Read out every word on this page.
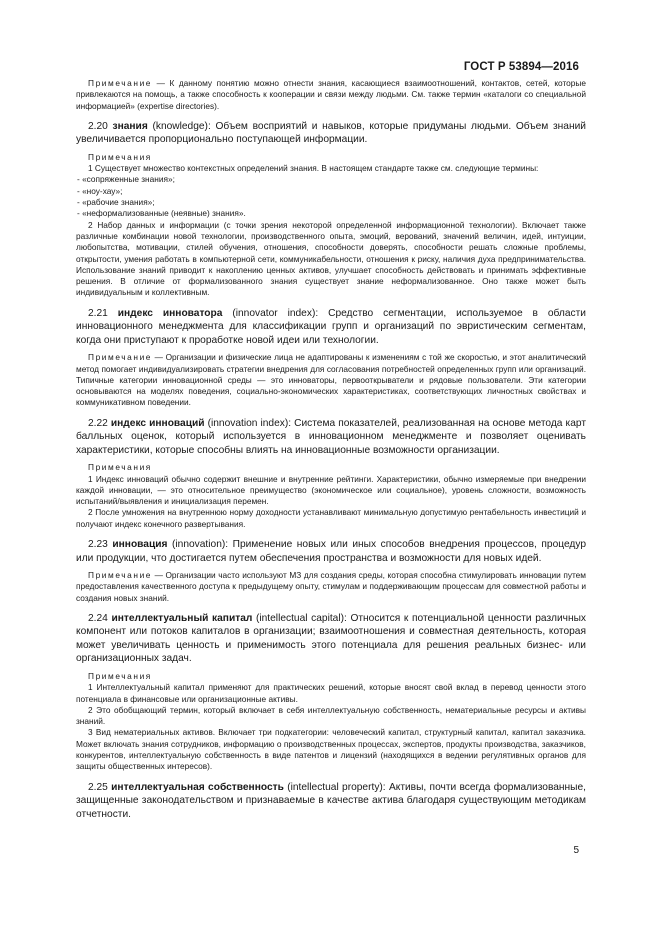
ГОСТ Р 53894—2016

Примечание — К данному понятию можно отнести знания, касающиеся взаимоотношений, контактов, сетей, которые привлекаются на помощь, а также способность к кооперации и связи между людьми. См. также термин «каталоги со специальной информацией» (expertise directories).

2.20 знания (knowledge): Объем восприятий и навыков, которые придуманы людьми. Объем знаний увеличивается пропорционально поступающей информации.

Примечания

1 Существует множество контекстных определений знания. В настоящем стандарте также см. следующие термины:

- «сопряженные знания»;

- «ноу-хау»;

- «рабочие знания»;

- «неформализованные (неявные) знания».

2 Набор данных и информации (с точки зрения некоторой определенной информационной технологии). Включает также различные комбинации новой технологии, производственного опыта, эмоций, верований, значений величин, идей, интуиции, любопытства, мотивации, стилей обучения, отношения, способности доверять, способности решать сложные проблемы, открытости, умения работать в компьютерной сети, коммуникабельности, отношения к риску, наличия духа предпринимательства. Использование знаний приводит к накоплению ценных активов, улучшает способность действовать и принимать эффективные решения. В отличие от формализованного знания существует знание неформализованное. Оно также может быть индивидуальным и коллективным.

2.21 индекс инноватора (innovator index): Средство сегментации, используемое в области инновационного менеджмента для классификации групп и организаций по эвристическим сегментам, когда они приступают к проработке новой идеи или технологии.

Примечание — Организации и физические лица не адаптированы к изменениям с той же скоростью, и этот аналитический метод помогает индивидуализировать стратегии внедрения для согласования потребностей определенных групп или организаций. Типичные категории инновационной среды — это инноваторы, первооткрыватели и рядовые пользователи. Эти категории основываются на моделях поведения, социально-экономических характеристиках, соответствующих личностных свойствах и коммуникативном поведении.

2.22 индекс инноваций (innovation index): Система показателей, реализованная на основе метода карт балльных оценок, который используется в инновационном менеджменте и позволяет оценивать характеристики, которые способны влиять на инновационные возможности организации.

Примечания

1 Индекс инноваций обычно содержит внешние и внутренние рейтинги. Характеристики, обычно измеряемые при внедрении каждой инновации, — это относительное преимущество (экономическое или социальное), уровень сложности, возможность испытаний/выявления и инициализация перемен.

2 После умножения на внутреннюю норму доходности устанавливают минимальную допустимую рентабельность инвестиций и получают индекс конечного развертывания.

2.23 инновация (innovation): Применение новых или иных способов внедрения процессов, процедур или продукции, что достигается путем обеспечения пространства и возможности для новых идей.

Примечание — Организации часто используют МЗ для создания среды, которая способна стимулировать инновации путем предоставления качественного доступа к предыдущему опыту, стимулам и поддерживающим процессам для совместной работы и создания новых знаний.

2.24 интеллектуальный капитал (intellectual capital): Относится к потенциальной ценности различных компонент или потоков капиталов в организации; взаимоотношения и совместная деятельность, которая может увеличивать ценность и применимость этого потенциала для решения реальных бизнес- или организационных задач.

Примечания

1 Интеллектуальный капитал применяют для практических решений, которые вносят свой вклад в перевод ценности этого потенциала в финансовые или организационные активы.

2 Это обобщающий термин, который включает в себя интеллектуальную собственность, нематериальные ресурсы и активы знаний.

3 Вид нематериальных активов. Включает три подкатегории: человеческий капитал, структурный капитал, капитал заказчика. Может включать знания сотрудников, информацию о производственных процессах, экспертов, продукты производства, заказчиков, конкурентов, интеллектуальную собственность в виде патентов и лицензий (находящихся в ведении регулятивных органов для защиты общественных интересов).

2.25 интеллектуальная собственность (intellectual property): Активы, почти всегда формализованные, защищенные законодательством и признаваемые в качестве актива благодаря существующим методикам отчетности.

5
